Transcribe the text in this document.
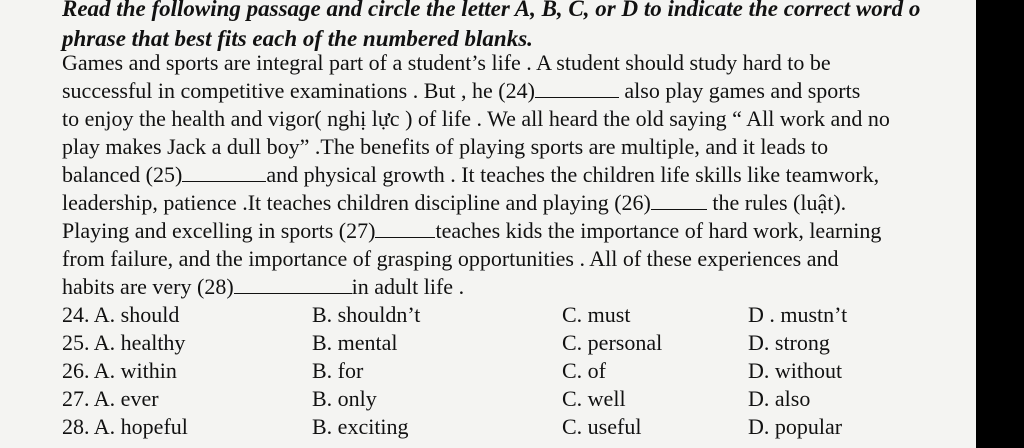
Read the following passage and circle the letter A, B, C, or D to indicate the correct word o
phrase that best fits each of the numbered blanks.
Games and sports are integral part of a student’s life . A student should study hard to be
successful in competitive examinations . But , he (24)	also play games and sports
to enjoy the health and vigor( nghị lực ) of life . We all heard the old saying “ All work and no
play makes Jack a dull boy” .The benefits of playing sports are multiple, and it leads to
balanced (25)	and physical growth . It teaches the children life skills like teamwork,
leadership, patience .It teaches children discipline and playing (26)	the rules (luật).
Playing and excelling in sports (27)	teaches kids the importance of hard work, learning
from failure, and the importance of grasping opportunities . All of these experiences and
habits are very (28)	in adult life .
24. A. should	B. shouldn’t	C. must	D . mustn’t
25. A. healthy	B. mental	C. personal	D. strong
26. A. within	B. for	C. of	D. without
27. A. ever	B. only	C. well	D. also
28. A. hopeful	B. exciting	C. useful	D. popular
